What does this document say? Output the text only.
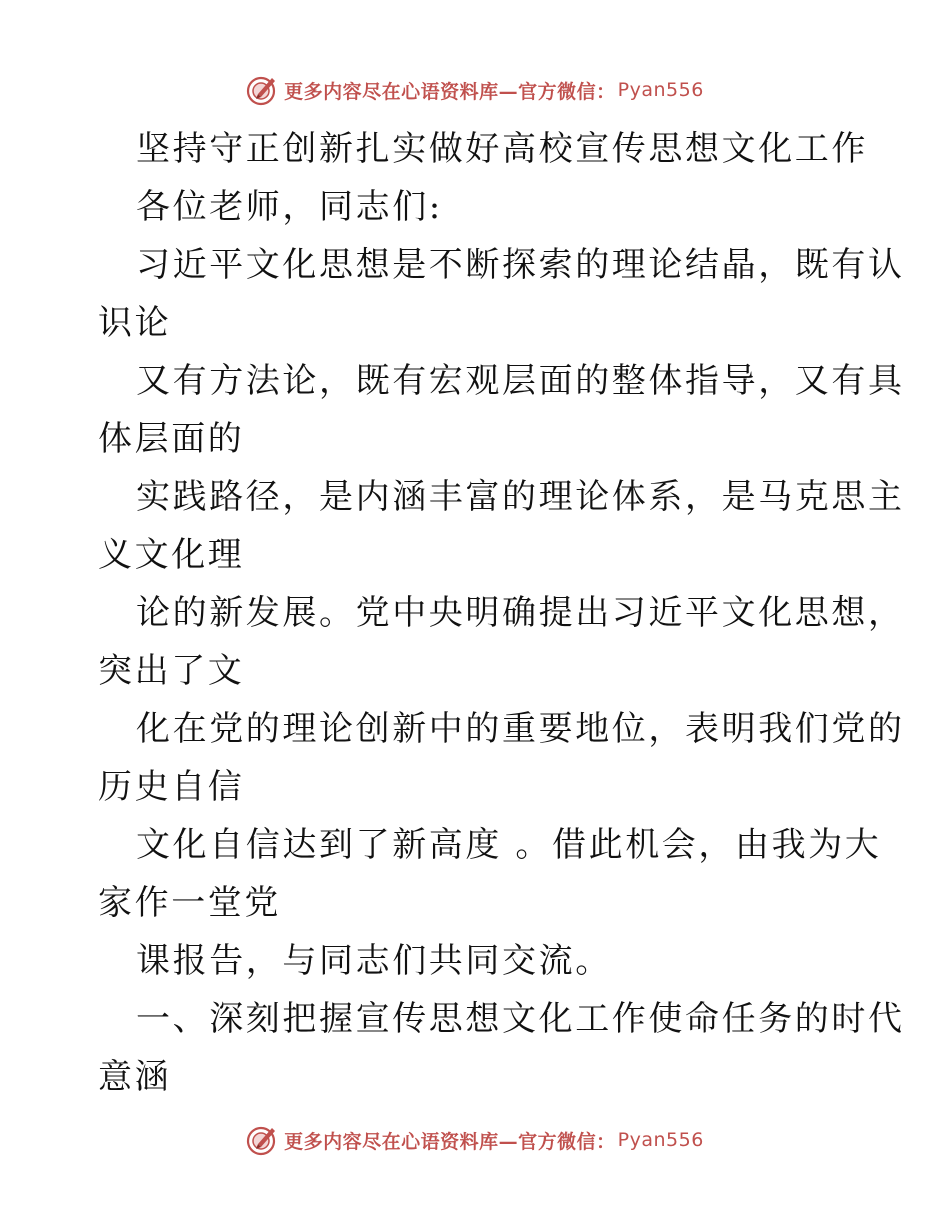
更多内容尽在心语资料库—官方微信： Pyan556
坚持守正创新扎实做好高校宣传思想文化工作
各位老师，同志们:
习近平文化思想是不断探索的理论结晶，既有认
识论
又有方法论，既有宏观层面的整体指导，又有具
体层面的
实践路径，是内涵丰富的理论体系，是马克思主
义文化理
论的新发展。党中央明确提出习近平文化思想，
突出了文
化在党的理论创新中的重要地位，表明我们党的
历史自信
文化自信达到了新高度 。借此机会，由我为大
家作一堂党
课报告，与同志们共同交流。
一、深刻把握宣传思想文化工作使命任务的时代
意涵
更多内容尽在心语资料库—官方微信： Pyan556
